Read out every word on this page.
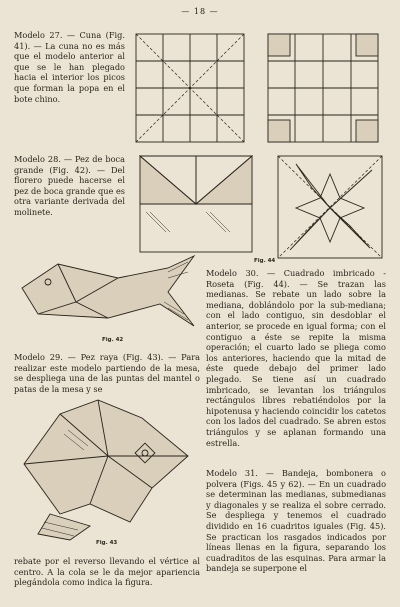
— 18 —
Modelo 27. — Cuna (Fig. 41). — La cuna no es más que el modelo anterior al que se le han plegado hacia el interior los picos que forman la popa en el bote chino.
Modelo 28. — Pez de boca grande (Fig. 42). — Del florero puede hacerse el pez de boca grande que es otra variante derivada del molinete.
Fig. 44
Fig. 42
Modelo 29. — Pez raya (Fig. 43). — Para realizar este modelo partiendo de la mesa, se despliega una de las puntas del mantel o patas de la mesa y se
Fig. 43
rebate por el reverso llevando el vértice al centro. A la cola se le da mejor apariencia plegándola como indica la figura.
Modelo 30. — Cuadrado imbricado - Roseta (Fig. 44). — Se trazan las medianas. Se rebate un lado sobre la mediana, doblándolo por la sub-mediana; con el lado contiguo, sin desdoblar el anterior, se procede en igual forma; con el contiguo a éste se repite la misma operación; el cuarto lado se pliega como los anteriores, haciendo que la mitad de éste quede debajo del primer lado plegado. Se tiene así un cuadrado imbricado, se levantan los triángulos rectángulos libres rebatiéndolos por la hipotenusa y haciendo coincidir los catetos con los lados del cuadrado. Se abren estos triángulos y se aplanan formando una estrella.
Modelo 31. — Bandeja, bombonera o polvera (Figs. 45 y 62). — En un cuadrado se determinan las medianas, submedianas y diagonales y se realiza el sobre cerrado. Se despliega y tenemos el cuadrado dividido en 16 cuadritos iguales (Fig. 45). Se practican los rasgados indicados por líneas llenas en la figura, separando los cuadraditos de las esquinas. Para armar la bandeja se superpone el
